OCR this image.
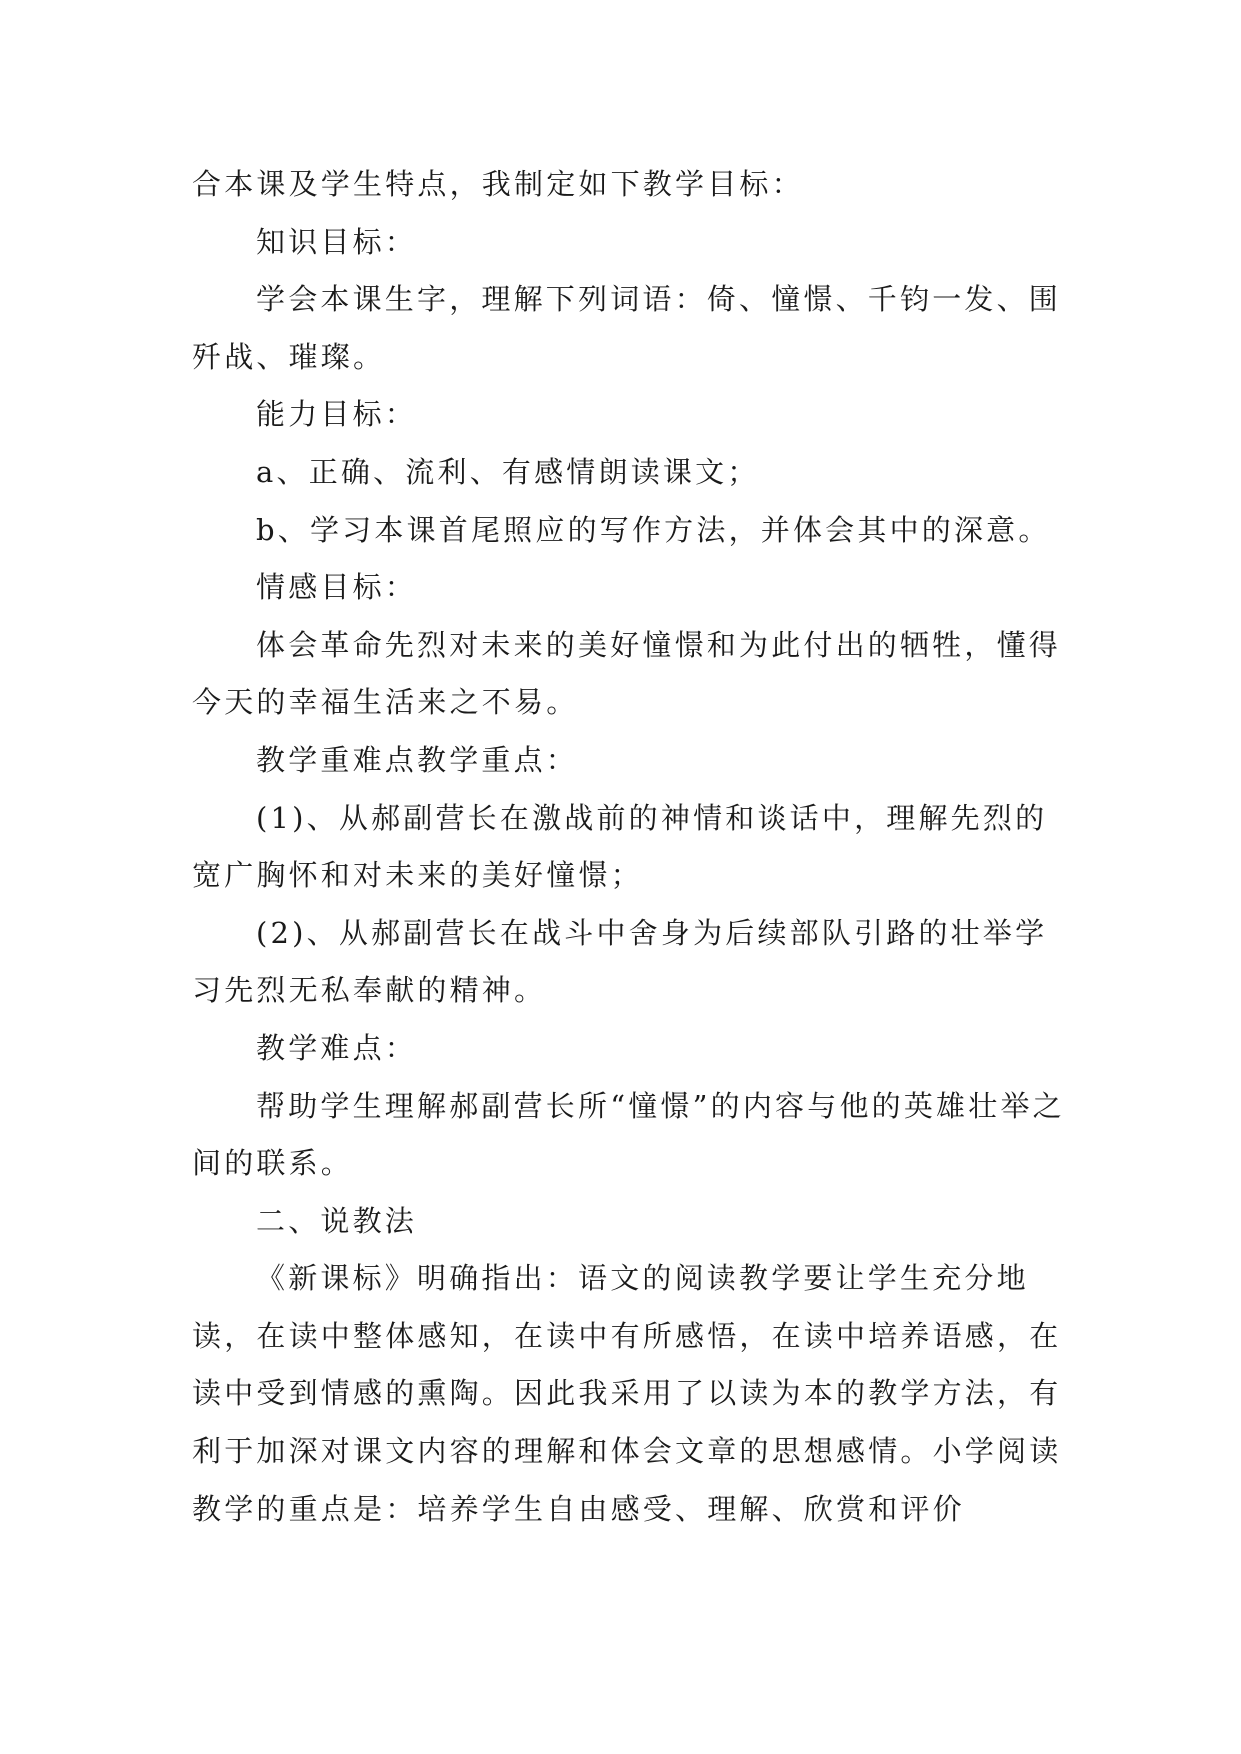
合本课及学生特点，我制定如下教学目标：

知识目标：

学会本课生字，理解下列词语：倚、憧憬、千钧一发、围歼战、璀璨。

能力目标：

a、正确、流利、有感情朗读课文；

b、学习本课首尾照应的写作方法，并体会其中的深意。

情感目标：

体会革命先烈对未来的美好憧憬和为此付出的牺牲，懂得今天的幸福生活来之不易。

教学重难点教学重点：

(1)、从郝副营长在激战前的神情和谈话中，理解先烈的宽广胸怀和对未来的美好憧憬；

(2)、从郝副营长在战斗中舍身为后续部队引路的壮举学习先烈无私奉献的精神。

教学难点：

帮助学生理解郝副营长所“憧憬”的内容与他的英雄壮举之间的联系。

二、说教法

《新课标》明确指出：语文的阅读教学要让学生充分地读，在读中整体感知，在读中有所感悟，在读中培养语感，在读中受到情感的熏陶。因此我采用了以读为本的教学方法，有利于加深对课文内容的理解和体会文章的思想感情。小学阅读教学的重点是：培养学生自由感受、理解、欣赏和评价
